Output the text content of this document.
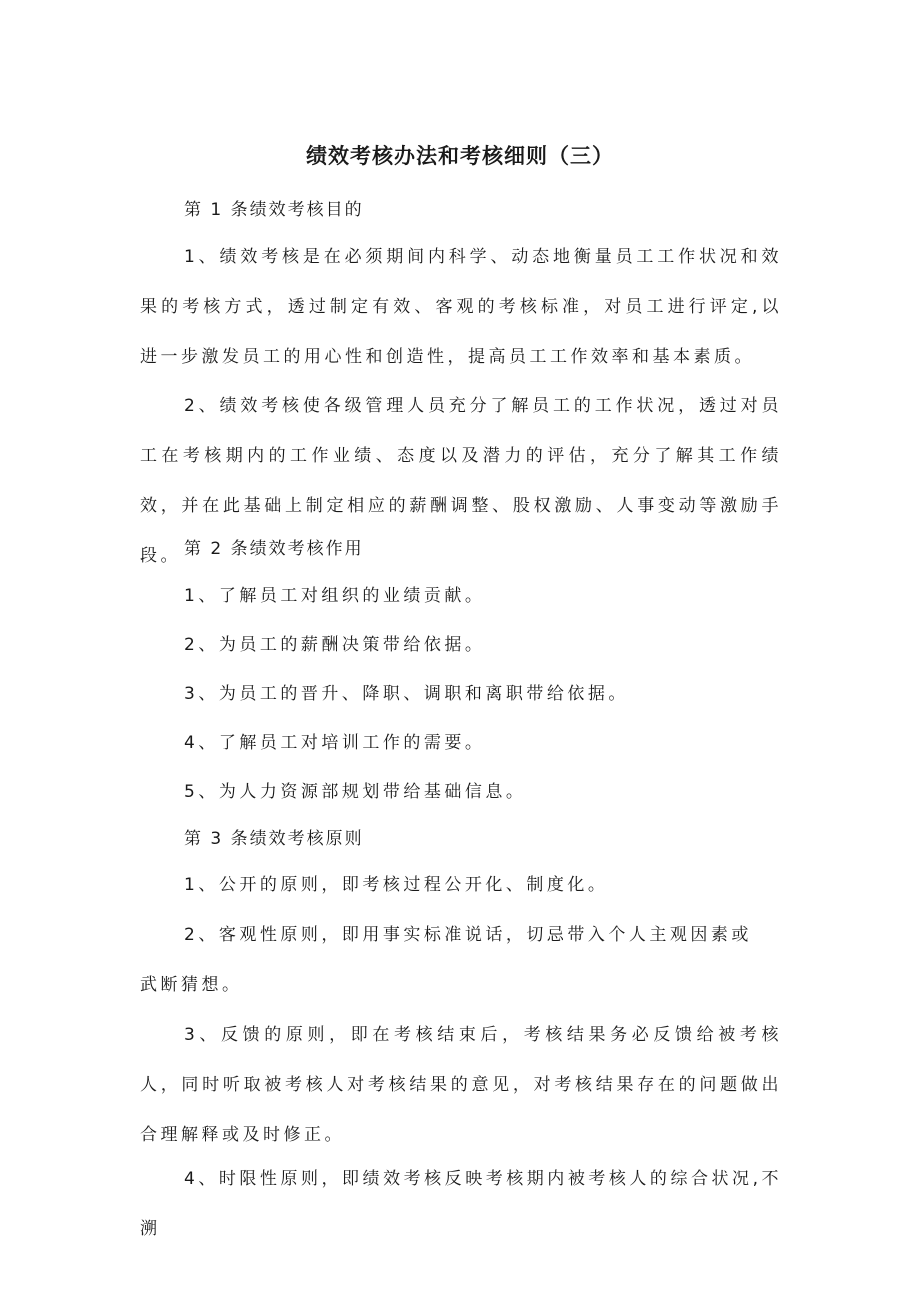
绩效考核办法和考核细则（三）

第 1 条绩效考核目的

1、绩效考核是在必须期间内科学、动态地衡量员工工作状况和效果的考核方式，透过制定有效、客观的考核标准，对员工进行评定,以进一步激发员工的用心性和创造性，提高员工工作效率和基本素质。

2、绩效考核使各级管理人员充分了解员工的工作状况，透过对员工在考核期内的工作业绩、态度以及潜力的评估，充分了解其工作绩效，并在此基础上制定相应的薪酬调整、股权激励、人事变动等激励手段。 第 2 条绩效考核作用

1、了解员工对组织的业绩贡献。

2、为员工的薪酬决策带给依据。

3、为员工的晋升、降职、调职和离职带给依据。

4、了解员工对培训工作的需要。

5、为人力资源部规划带给基础信息。

第 3 条绩效考核原则

1、公开的原则，即考核过程公开化、制度化。

2、客观性原则，即用事实标准说话，切忌带入个人主观因素或

武断猜想。

3、反馈的原则，即在考核结束后，考核结果务必反馈给被考核人，同时听取被考核人对考核结果的意见，对考核结果存在的问题做出合理解释或及时修正。

4、时限性原则，即绩效考核反映考核期内被考核人的综合状况,不溯
